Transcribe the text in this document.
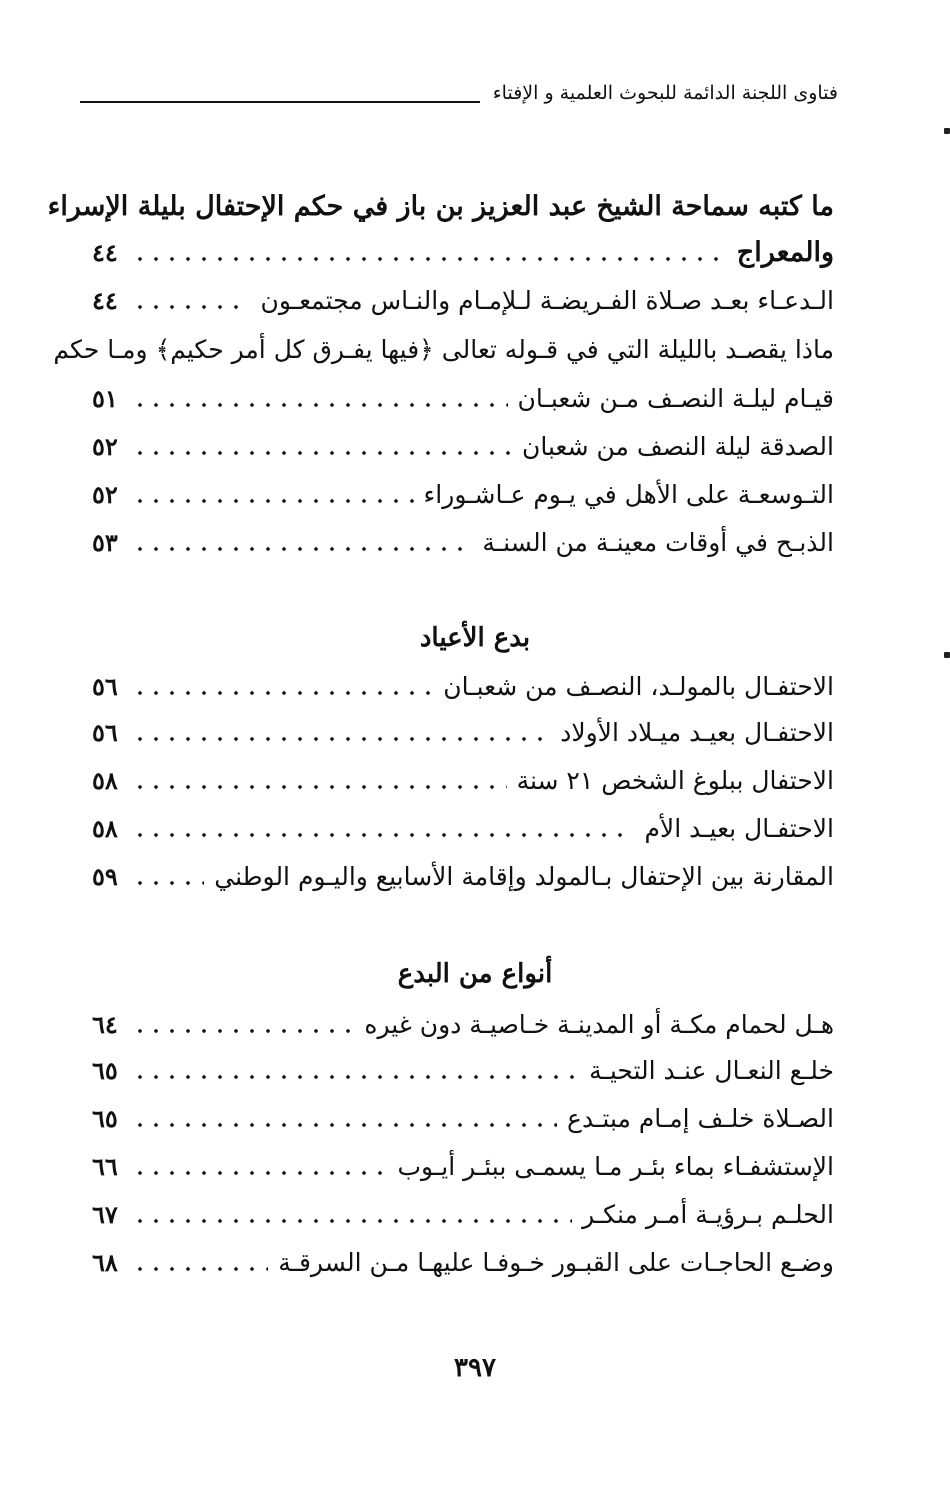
فتاوى اللجنة الدائمة للبحوث العلمية و الإفتاء
ما كتبه سماحة الشيخ عبد العزيز بن باز في حكم الإحتفال بليلة الإسراء
والمعراج
٤٤
الـدعـاء بعـد صـلاة الفـريضـة لـلإمـام والنـاس مجتمعـون
٤٤
ماذا يقصـد بالليلة التي في قـوله تعالى ﴿فيها يفـرق كل أمر حكيم﴾ ومـا حكم
قيـام ليلـة النصـف مـن شعبـان
٥١
الصدقة ليلة النصف من شعبان
٥٢
التـوسعـة على الأهل في يـوم عـاشـوراء
٥٢
الذبـح في أوقات معينـة من السنـة
٥٣
بدع الأعياد
الاحتفـال بالمولـد، النصـف من شعبـان
٥٦
الاحتفـال بعيـد ميـلاد الأولاد
٥٦
الاحتفال ببلوغ الشخص ٢١ سنة
٥٨
الاحتفـال بعيـد الأم
٥٨
المقارنة بين الإحتفال بـالمولد وإقامة الأسابيع واليـوم الوطني
٥٩
أنواع من البدع
هـل لحمام مكـة أو المدينـة خـاصيـة دون غيره
٦٤
خلـع النعـال عنـد التحيـة
٦٥
الصـلاة خلـف إمـام مبتـدع
٦٥
الإستشفـاء بماء بئـر مـا يسمـى ببئـر أيـوب
٦٦
الحلـم بـرؤيـة أمـر منكـر
٦٧
وضـع الحاجـات على القبـور خـوفـا عليهـا مـن السرقـة
٦٨
٣٩٧
